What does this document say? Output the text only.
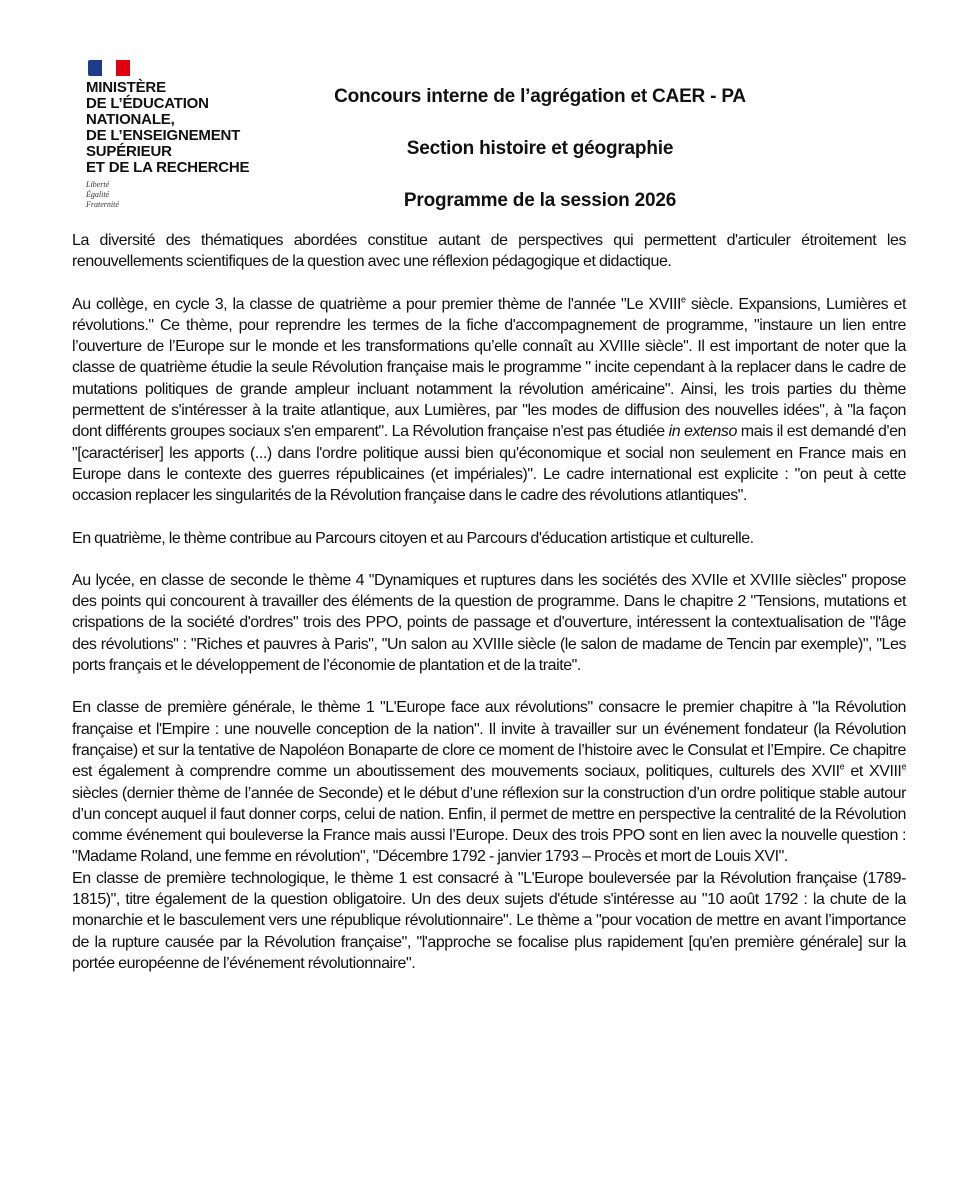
MINISTÈRE
DE L’ÉDUCATION
NATIONALE,
DE L’ENSEIGNEMENT
SUPÉRIEUR
ET DE LA RECHERCHE
Liberté
Égalité
Fraternité
Concours interne de l’agrégation et CAER - PA
Section histoire et géographie
Programme de la session 2026

La diversité des thématiques abordées constitue autant de perspectives qui permettent d'articuler étroitement les renouvellements scientifiques de la question avec une réflexion pédagogique et didactique.

Au collège, en cycle 3, la classe de quatrième a pour premier thème de l'année "Le XVIIIe siècle. Expansions, Lumières et révolutions." Ce thème, pour reprendre les termes de la fiche d'accompagnement de programme, "instaure un lien entre l’ouverture de l’Europe sur le monde et les transformations qu’elle connaît au XVIIIe siècle". Il est important de noter que la classe de quatrième étudie la seule Révolution française mais le programme " incite cependant à la replacer dans le cadre de mutations politiques de grande ampleur incluant notamment la révolution américaine". Ainsi, les trois parties du thème permettent de s'intéresser à la traite atlantique, aux Lumières, par "les modes de diffusion des nouvelles idées", à "la façon dont différents groupes sociaux s'en emparent". La Révolution française n'est pas étudiée in extenso mais il est demandé d'en "[caractériser] les apports (...) dans l'ordre politique aussi bien qu'économique et social non seulement en France mais en Europe dans le contexte des guerres républicaines (et impériales)". Le cadre international est explicite : "on peut à cette occasion replacer les singularités de la Révolution française dans le cadre des révolutions atlantiques".

En quatrième, le thème contribue au Parcours citoyen et au Parcours d'éducation artistique et culturelle.

Au lycée, en classe de seconde le thème 4 "Dynamiques et ruptures dans les sociétés des XVIIe et XVIIIe siècles" propose des points qui concourent à travailler des éléments de la question de programme. Dans le chapitre 2 "Tensions, mutations et crispations de la société d'ordres" trois des PPO, points de passage et d'ouverture, intéressent la contextualisation de "l'âge des révolutions" : "Riches et pauvres à Paris", "Un salon au XVIIIe siècle (le salon de madame de Tencin par exemple)", "Les ports français et le développement de l’économie de plantation et de la traite".

En classe de première générale, le thème 1 "L'Europe face aux révolutions" consacre le premier chapitre à "la Révolution française et l'Empire : une nouvelle conception de la nation". Il invite à travailler sur un événement fondateur (la Révolution française) et sur la tentative de Napoléon Bonaparte de clore ce moment de l’histoire avec le Consulat et l’Empire. Ce chapitre est également à comprendre comme un aboutissement des mouvements sociaux, politiques, culturels des XVIIe et XVIIIe siècles (dernier thème de l’année de Seconde) et le début d’une réflexion sur la construction d’un ordre politique stable autour d’un concept auquel il faut donner corps, celui de nation. Enfin, il permet de mettre en perspective la centralité de la Révolution comme événement qui bouleverse la France mais aussi l’Europe. Deux des trois PPO sont en lien avec la nouvelle question : "Madame Roland, une femme en révolution", "Décembre 1792 - janvier 1793 – Procès et mort de Louis XVI".

En classe de première technologique, le thème 1 est consacré à "L'Europe bouleversée par la Révolution française (1789-1815)", titre également de la question obligatoire. Un des deux sujets d'étude s'intéresse au "10 août 1792 : la chute de la monarchie et le basculement vers une république révolutionnaire". Le thème a "pour vocation de mettre en avant l’importance de la rupture causée par la Révolution française", "l'approche se focalise plus rapidement [qu'en première générale] sur la portée européenne de l’événement révolutionnaire".
